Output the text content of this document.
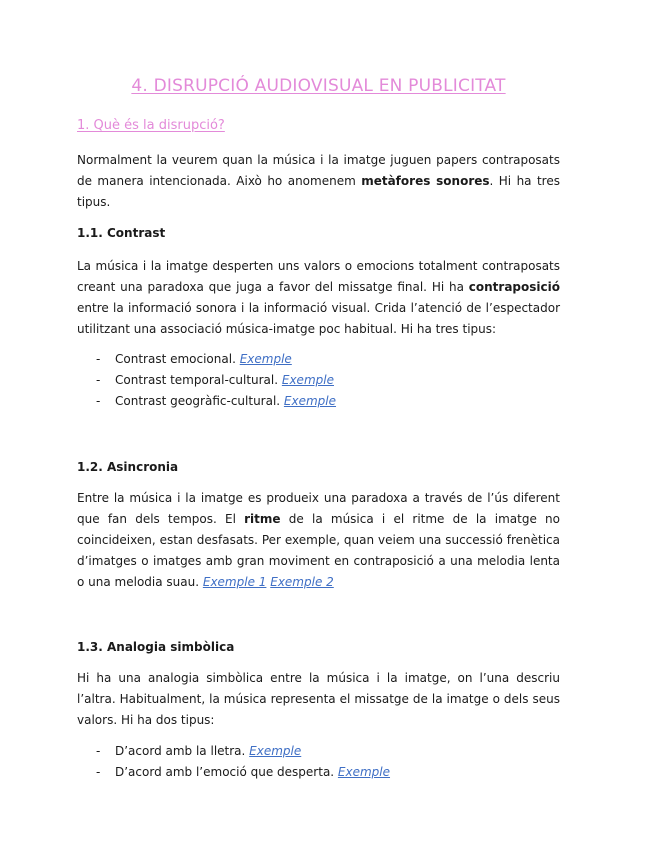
4. DISRUPCIÓ AUDIOVISUAL EN PUBLICITAT
1. Què és la disrupció?
Normalment la veurem quan la música i la imatge juguen papers contraposats de manera intencionada. Això ho anomenem metàfores sonores. Hi ha tres tipus.
1.1. Contrast
La música i la imatge desperten uns valors o emocions totalment contraposats creant una paradoxa que juga a favor del missatge final. Hi ha contraposició entre la informació sonora i la informació visual. Crida l’atenció de l’espectador utilitzant una associació música-imatge poc habitual. Hi ha tres tipus:
- Contrast emocional. Exemple
- Contrast temporal-cultural. Exemple
- Contrast geogràfic-cultural. Exemple
1.2. Asincronia
Entre la música i la imatge es produeix una paradoxa a través de l’ús diferent que fan dels tempos. El ritme de la música i el ritme de la imatge no coincideixen, estan desfasats. Per exemple, quan veiem una successió frenètica d’imatges o imatges amb gran moviment en contraposició a una melodia lenta o una melodia suau. Exemple 1 Exemple 2
1.3. Analogia simbòlica
Hi ha una analogia simbòlica entre la música i la imatge, on l’una descriu l’altra. Habitualment, la música representa el missatge de la imatge o dels seus valors. Hi ha dos tipus:
- D’acord amb la lletra. Exemple
- D’acord amb l’emoció que desperta. Exemple
